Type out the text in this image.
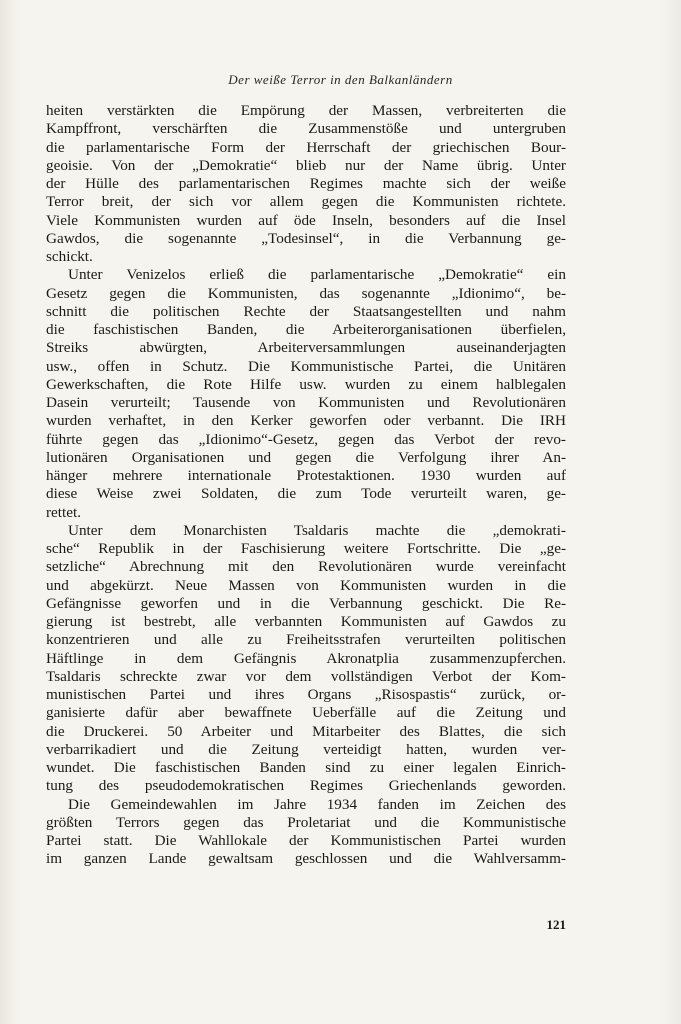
Der weiße Terror in den Balkanländern
heiten verstärkten die Empörung der Massen, verbreiterten die
Kampffront, verschärften die Zusammenstöße und untergruben
die parlamentarische Form der Herrschaft der griechischen Bour-
geoisie. Von der „Demokratie“ blieb nur der Name übrig. Unter
der Hülle des parlamentarischen Regimes machte sich der weiße
Terror breit, der sich vor allem gegen die Kommunisten richtete.
Viele Kommunisten wurden auf öde Inseln, besonders auf die Insel
Gawdos, die sogenannte „Todesinsel“, in die Verbannung ge-
schickt.
Unter Venizelos erließ die parlamentarische „Demokratie“ ein
Gesetz gegen die Kommunisten, das sogenannte „Idionimo“, be-
schnitt die politischen Rechte der Staatsangestellten und nahm
die faschistischen Banden, die Arbeiterorganisationen überfielen,
Streiks abwürgten, Arbeiterversammlungen auseinanderjagten
usw., offen in Schutz. Die Kommunistische Partei, die Unitären
Gewerkschaften, die Rote Hilfe usw. wurden zu einem halblegalen
Dasein verurteilt; Tausende von Kommunisten und Revolutionären
wurden verhaftet, in den Kerker geworfen oder verbannt. Die IRH
führte gegen das „Idionimo“-Gesetz, gegen das Verbot der revo-
lutionären Organisationen und gegen die Verfolgung ihrer An-
hänger mehrere internationale Protestaktionen. 1930 wurden auf
diese Weise zwei Soldaten, die zum Tode verurteilt waren, ge-
rettet.
Unter dem Monarchisten Tsaldaris machte die „demokrati-
sche“ Republik in der Faschisierung weitere Fortschritte. Die „ge-
setzliche“ Abrechnung mit den Revolutionären wurde vereinfacht
und abgekürzt. Neue Massen von Kommunisten wurden in die
Gefängnisse geworfen und in die Verbannung geschickt. Die Re-
gierung ist bestrebt, alle verbannten Kommunisten auf Gawdos zu
konzentrieren und alle zu Freiheitsstrafen verurteilten politischen
Häftlinge in dem Gefängnis Akronatplia zusammenzupferchen.
Tsaldaris schreckte zwar vor dem vollständigen Verbot der Kom-
munistischen Partei und ihres Organs „Risospastis“ zurück, or-
ganisierte dafür aber bewaffnete Ueberfälle auf die Zeitung und
die Druckerei. 50 Arbeiter und Mitarbeiter des Blattes, die sich
verbarrikadiert und die Zeitung verteidigt hatten, wurden ver-
wundet. Die faschistischen Banden sind zu einer legalen Einrich-
tung des pseudodemokratischen Regimes Griechenlands geworden.
Die Gemeindewahlen im Jahre 1934 fanden im Zeichen des
größten Terrors gegen das Proletariat und die Kommunistische
Partei statt. Die Wahllokale der Kommunistischen Partei wurden
im ganzen Lande gewaltsam geschlossen und die Wahlversamm-
121
